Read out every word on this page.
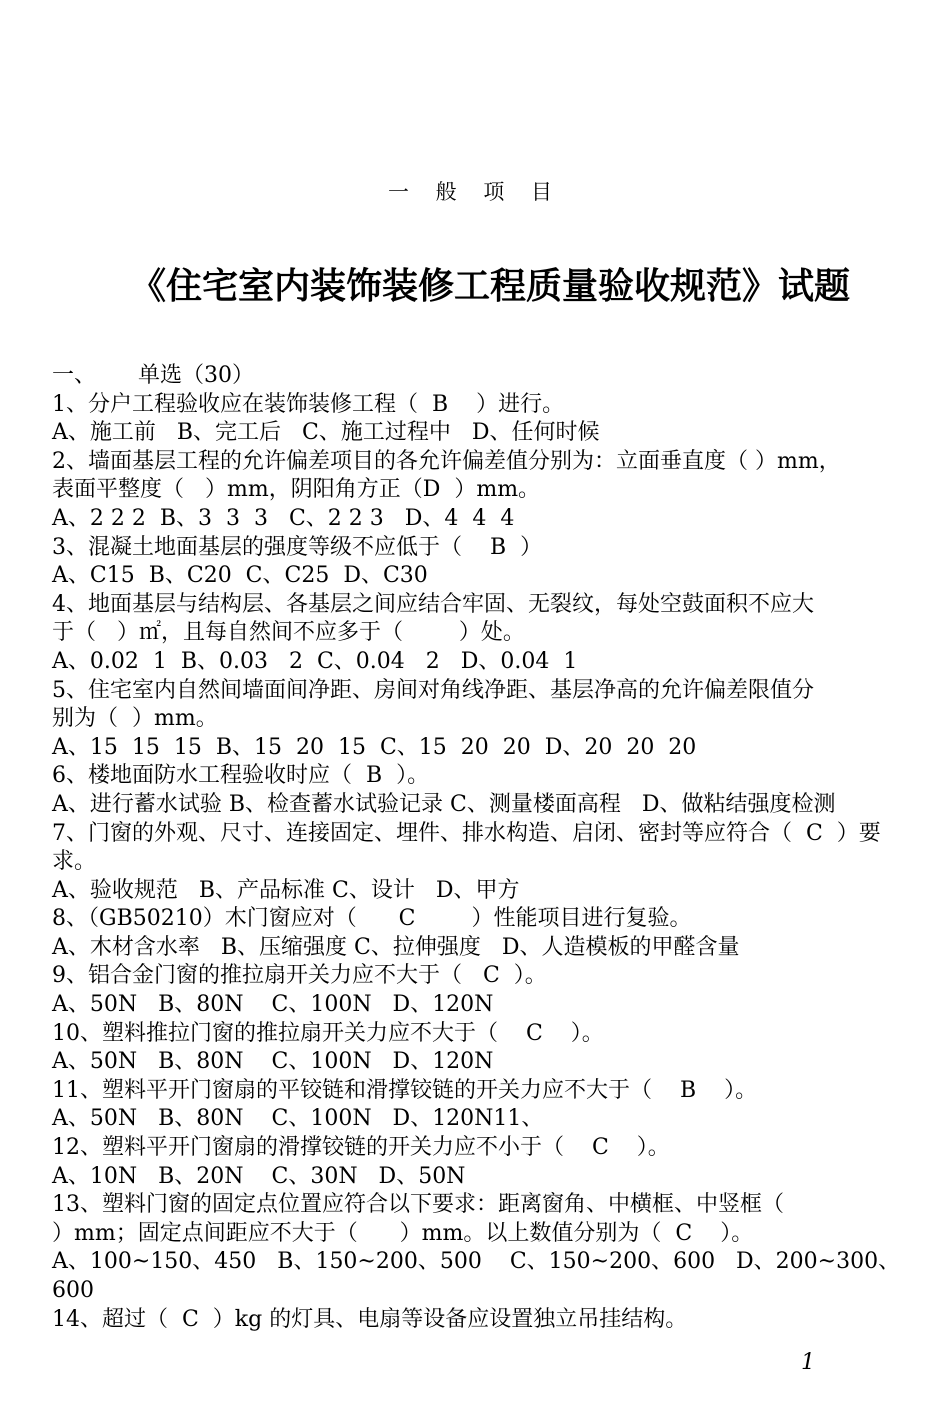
一 般 项 目
《住宅室内装饰装修工程质量验收规范》试题

一、      单选（30）

1、分户工程验收应在装饰装修工程（  B    ）进行。

A、施工前   B、完工后   C、施工过程中   D、任何时候

2、墙面基层工程的允许偏差项目的各允许偏差值分别为：立面垂直度（ ）mm，

表面平整度（   ）mm，阴阳角方正（D  ）mm。

A、2 2 2  B、3  3  3   C、2 2 3   D、4  4  4

3、混凝土地面基层的强度等级不应低于（    B  ）

A、C15  B、C20  C、C25  D、C30

4、地面基层与结构层、各基层之间应结合牢固、无裂纹，每处空鼓面积不应大

于（   ）㎡，且每自然间不应多于（        ）处。

A、0.02  1  B、0.03   2  C、0.04   2   D、0.04  1

5、住宅室内自然间墙面间净距、房间对角线净距、基层净高的允许偏差限值分

别为（  ）mm。

A、15  15  15  B、15  20  15  C、15  20  20  D、20  20  20

6、楼地面防水工程验收时应（  B  ）。

A、进行蓄水试验 B、检查蓄水试验记录 C、测量楼面高程   D、做粘结强度检测

7、门窗的外观、尺寸、连接固定、埋件、排水构造、启闭、密封等应符合（  C  ）要

求。

A、验收规范   B、产品标准 C、设计   D、甲方

8、（GB50210）木门窗应对（      C        ）性能项目进行复验。

A、木材含水率   B、压缩强度 C、拉伸强度   D、人造模板的甲醛含量

9、铝合金门窗的推拉扇开关力应不大于（   C  ）。

A、50N   B、80N    C、100N   D、120N

10、塑料推拉门窗的推拉扇开关力应不大于（    C    ）。

A、50N   B、80N    C、100N   D、120N

11、塑料平开门窗扇的平铰链和滑撑铰链的开关力应不大于（    B    ）。

A、50N   B、80N    C、100N   D、120N11、

12、塑料平开门窗扇的滑撑铰链的开关力应不小于（    C    ）。

A、10N   B、20N    C、30N   D、50N

13、塑料门窗的固定点位置应符合以下要求：距离窗角、中横框、中竖框（

）mm；固定点间距应不大于（      ）mm。以上数值分别为（  C    ）。

A、100~150、450   B、150~200、500    C、150~200、600   D、200~300、600

14、超过（  C  ）kg 的灯具、电扇等设备应设置独立吊挂结构。

1
